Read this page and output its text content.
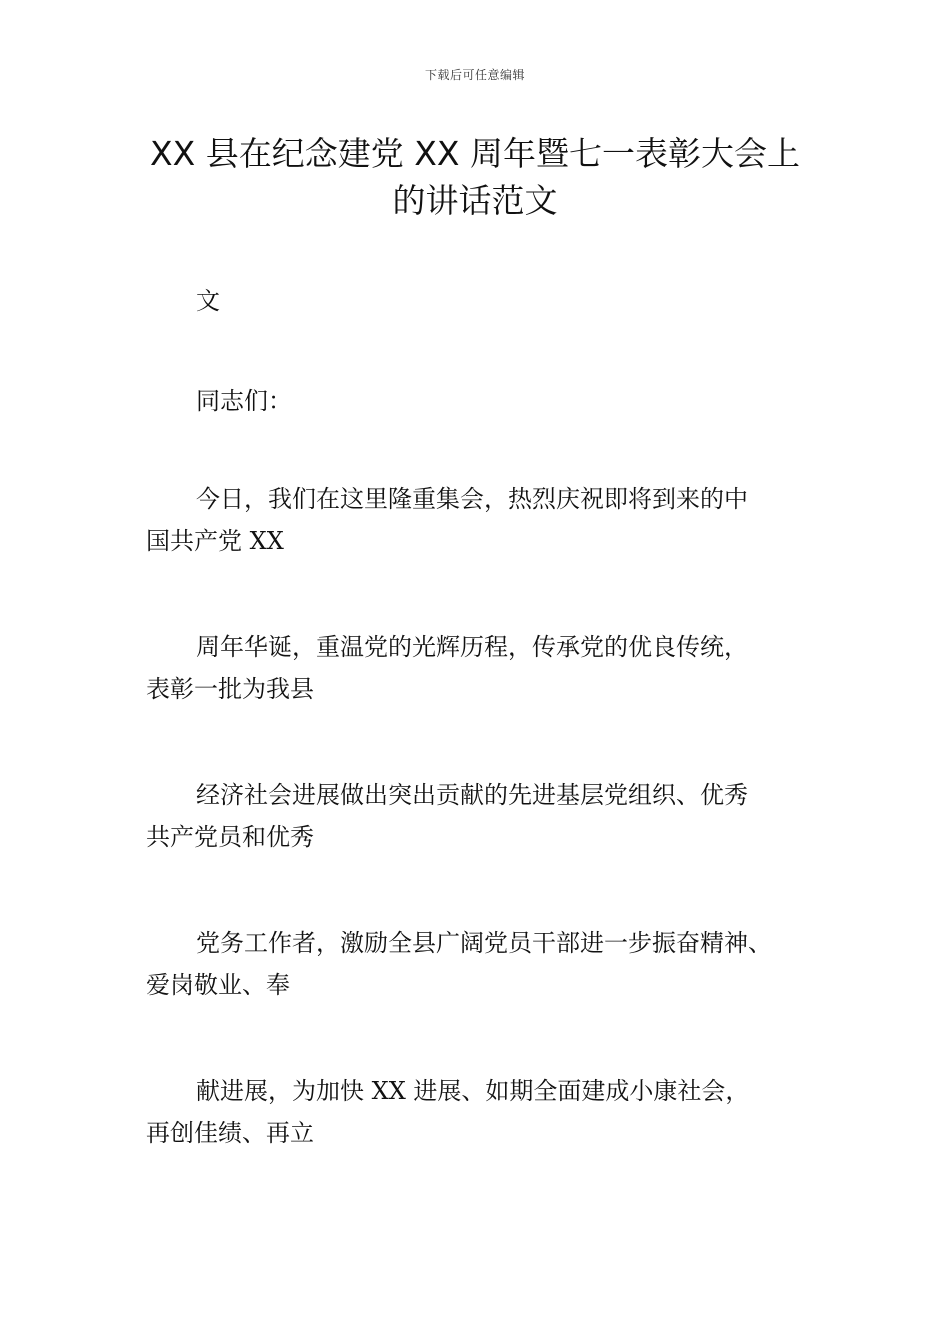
下载后可任意编辑
XX 县在纪念建党 XX 周年暨七一表彰大会上
的讲话范文
文
同志们：
今日，我们在这里隆重集会，热烈庆祝即将到来的中
国共产党 XX
周年华诞，重温党的光辉历程，传承党的优良传统，
表彰一批为我县
经济社会进展做出突出贡献的先进基层党组织、优秀
共产党员和优秀
党务工作者，激励全县广阔党员干部进一步振奋精神、
爱岗敬业、奉
献进展，为加快 XX 进展、如期全面建成小康社会，
再创佳绩、再立
